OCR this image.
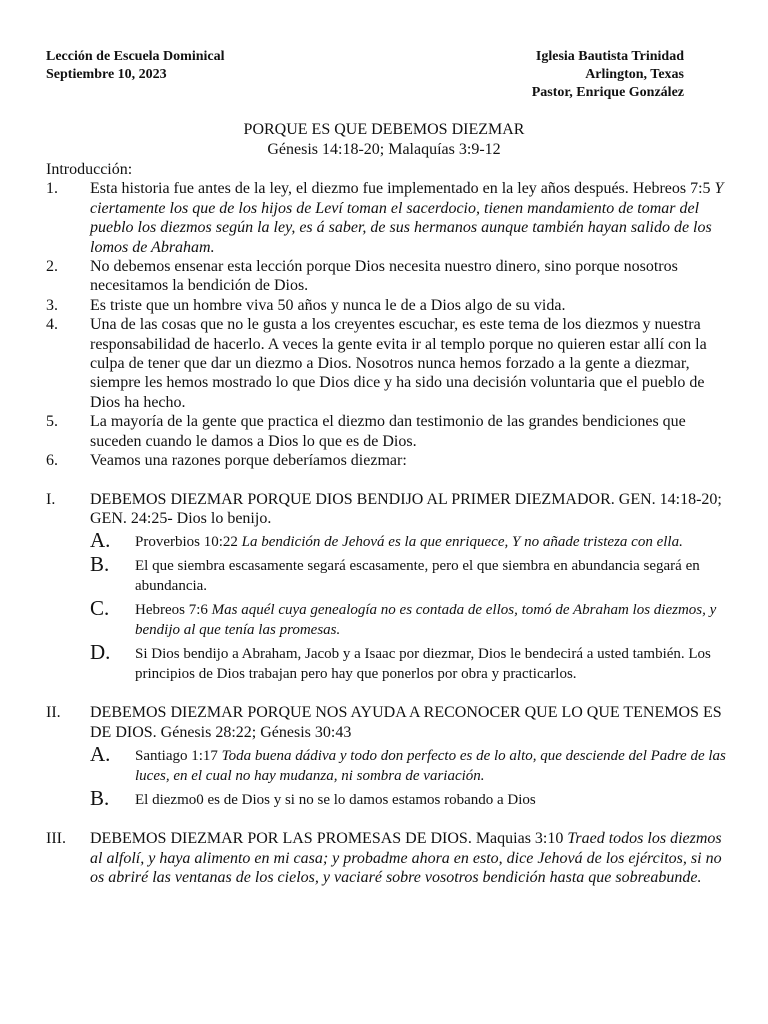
Lección de Escuela Dominical
Septiembre 10, 2023
Iglesia Bautista Trinidad
Arlington, Texas
Pastor, Enrique González
PORQUE ES QUE DEBEMOS DIEZMAR
Génesis 14:18-20; Malaquías 3:9-12
Introducción:
1. Esta historia fue antes de la ley, el diezmo fue implementado en la ley años después. Hebreos 7:5 Y ciertamente los que de los hijos de Leví toman el sacerdocio, tienen mandamiento de tomar del pueblo los diezmos según la ley, es á saber, de sus hermanos aunque también hayan salido de los lomos de Abraham.
2. No debemos ensenar esta lección porque Dios necesita nuestro dinero, sino porque nosotros necesitamos la bendición de Dios.
3. Es triste que un hombre viva 50 años y nunca le de a Dios algo de su vida.
4. Una de las cosas que no le gusta a los creyentes escuchar, es este tema de los diezmos y nuestra responsabilidad de hacerlo. A veces la gente evita ir al templo porque no quieren estar allí con la culpa de tener que dar un diezmo a Dios. Nosotros nunca hemos forzado a la gente a diezmar, siempre les hemos mostrado lo que Dios dice y ha sido una decisión voluntaria que el pueblo de Dios ha hecho.
5. La mayoría de la gente que practica el diezmo dan testimonio de las grandes bendiciones que suceden cuando le damos a Dios lo que es de Dios.
6. Veamos una razones porque deberíamos diezmar:
I. DEBEMOS DIEZMAR PORQUE DIOS BENDIJO AL PRIMER DIEZMADOR. GEN. 14:18-20; GEN. 24:25- Dios lo benijo.
A. Proverbios 10:22 La bendición de Jehová es la que enriquece, Y no añade tristeza con ella.
B. El que siembra escasamente segará escasamente, pero el que siembra en abundancia segará en abundancia.
C. Hebreos 7:6 Mas aquél cuya genealogía no es contada de ellos, tomó de Abraham los diezmos, y bendijo al que tenía las promesas.
D. Si Dios bendijo a Abraham, Jacob y a Isaac por diezmar, Dios le bendecirá a usted también. Los principios de Dios trabajan pero hay que ponerlos por obra y practicarlos.
II. DEBEMOS DIEZMAR PORQUE NOS AYUDA A RECONOCER QUE LO QUE TENEMOS ES DE DIOS. Génesis 28:22; Génesis 30:43
A. Santiago 1:17 Toda buena dádiva y todo don perfecto es de lo alto, que desciende del Padre de las luces, en el cual no hay mudanza, ni sombra de variación.
B. El diezmo0 es de Dios y si no se lo damos estamos robando a Dios
III. DEBEMOS DIEZMAR POR LAS PROMESAS DE DIOS. Maquias 3:10 Traed todos los diezmos al alfolí, y haya alimento en mi casa; y probadme ahora en esto, dice Jehová de los ejércitos, si no os abriré las ventanas de los cielos, y vaciaré sobre vosotros bendición hasta que sobreabunde.
